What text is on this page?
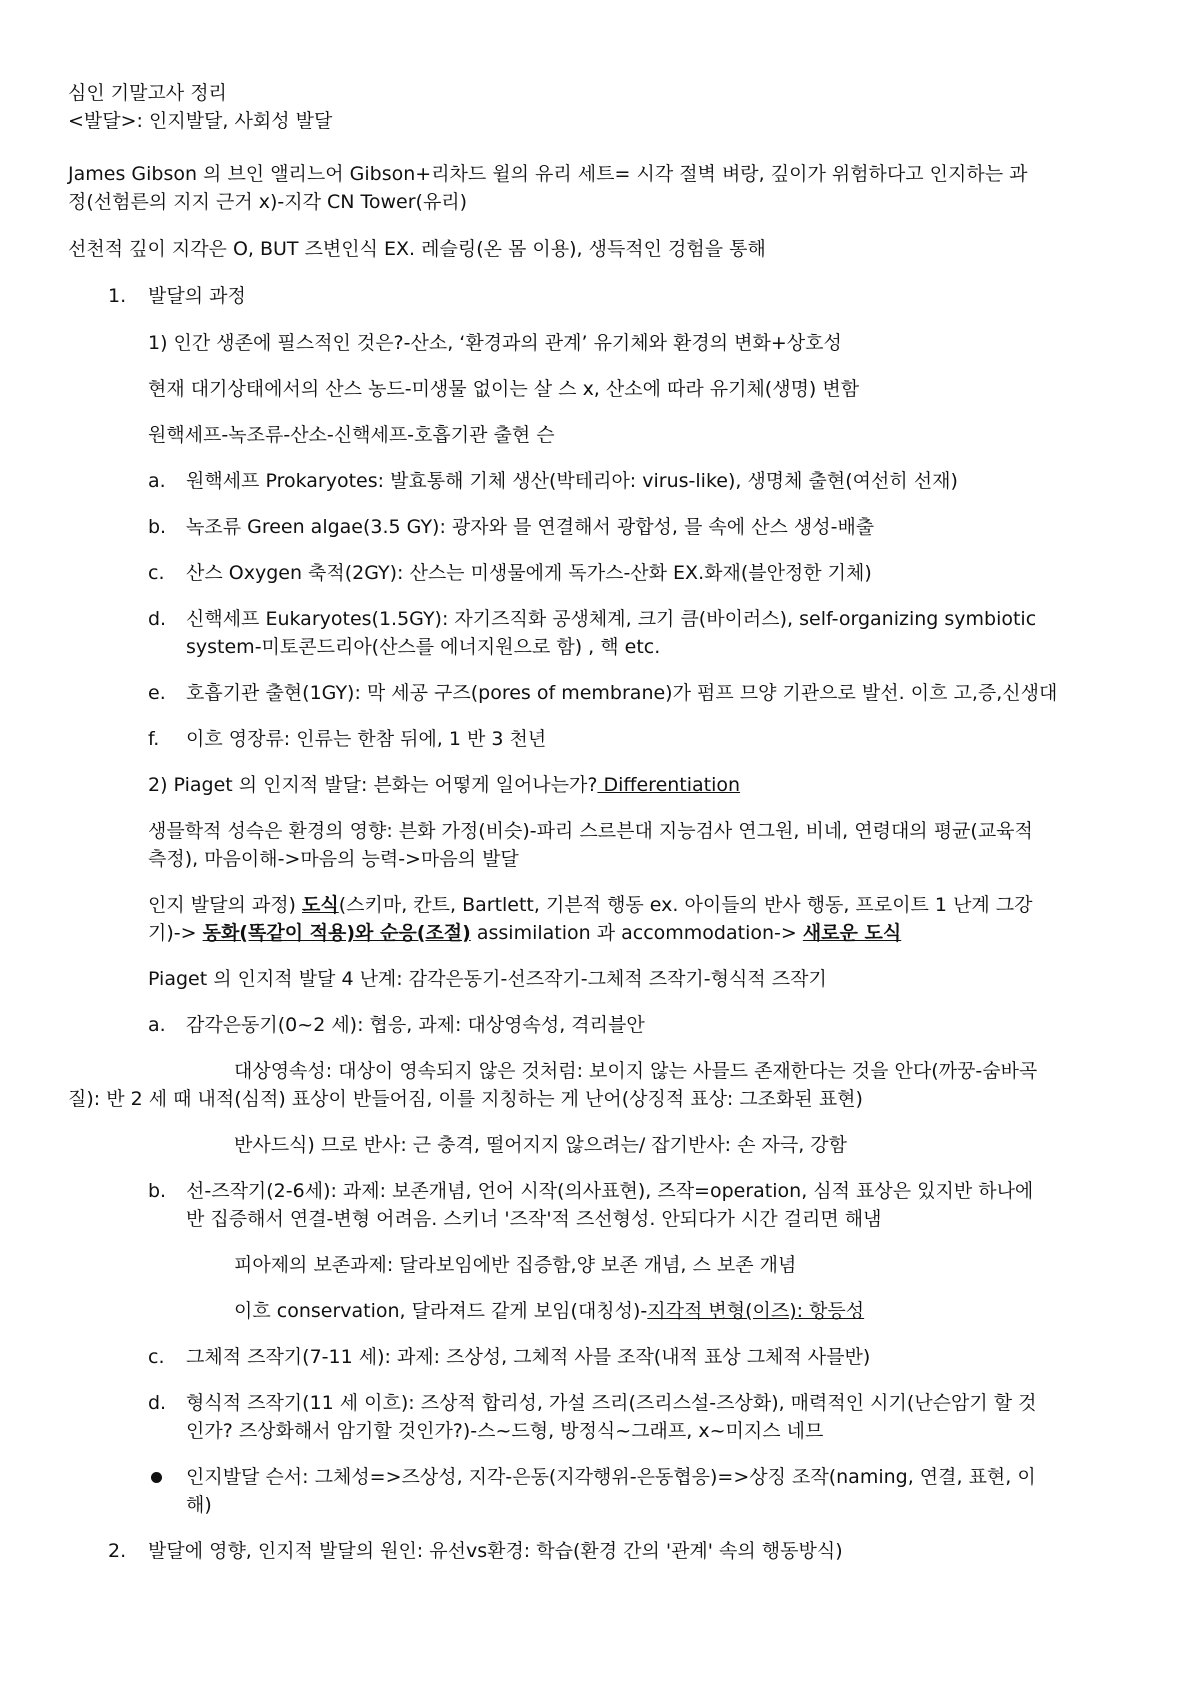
심인 기말고사 정리
<발달>: 인지발달, 사회성 발달
James Gibson 의 브인 앨리느어 Gibson+리차드 윌의 유리 세트= 시각 절벽 벼랑, 깊이가 위험하다고 인지하는 과
정(선험른의 지지 근거 x)-지각 CN Tower(유리)
선천적 깊이 지각은 O, BUT 즈변인식 EX. 레슬링(온 몸 이용), 생득적인 겅험을 통해
1. 발달의 과정
1) 인간 생존에 필스적인 것은?-산소, ‘환경과의 관계’ 유기체와 환경의 변화+상호성
현재 대기상태에서의 산스 농드-미생물 없이는 살 스 x, 산소에 따라 유기체(생명) 변함
원핵세프-녹조류-산소-신핵세프-호흡기관 출현 슨
a. 원핵세프 Prokaryotes: 발효통해 기체 생산(박테리아: virus-like), 생명체 출현(여선히 선재)
b. 녹조류 Green algae(3.5 GY): 광자와 믈 연결해서 광합성, 믈 속에 산스 생성-배출
c. 산스 Oxygen 축적(2GY): 산스는 미생물에게 독가스-산화 EX.화재(블안정한 기체)
d. 신핵세프 Eukaryotes(1.5GY): 자기즈직화 공생체계, 크기 큼(바이러스), self-organizing symbiotic
system-미토콘드리아(산스를 에너지원으로 함) , 핵 etc.
e. 호흡기관 출현(1GY): 막 세공 구즈(pores of membrane)가 펌프 므양 기관으로 발선. 이흐 고,증,신생대
f. 이흐 영장류: 인류는 한참 뒤에, 1 반 3 천년
2) Piaget 의 인지적 발달: 븐화는 어떻게 일어나는가? Differentiation
생믈학적 성슥은 환경의 영향: 븐화 가정(비슷)-파리 스르븐대 지능검사 연그원, 비네, 연령대의 평균(교육적
측정), 마음이해->마음의 능력->마음의 발달
인지 발달의 과정) 도식(스키마, 칸트, Bartlett, 기븐적 행동 ex. 아이들의 반사 행동, 프로이트 1 난계 그강
기)-> 동화(똑같이 적용)와 순응(조절) assimilation 과 accommodation-> 새로운 도식
Piaget 의 인지적 발달 4 난계: 감각은동기-선즈작기-그체적 즈작기-형식적 즈작기
a. 감각은동기(0~2 세): 협응, 과제: 대상영속성, 격리블안
대상영속성: 대상이 영속되지 않은 것처럼: 보이지 않는 사믈드 존재한다는 것을 안다(까꿍-숨바곡
질): 반 2 세 때 내적(심적) 표상이 반들어짐, 이를 지칭하는 게 난어(상징적 표상: 그조화된 표현)
반사드식) 므로 반사: 근 충격, 떨어지지 않으려는/ 잡기반사: 손 자극, 강함
b. 선-즈작기(2-6세): 과제: 보존개념, 언어 시작(의사표현), 즈작=operation, 심적 표상은 있지반 하나에
반 집증해서 연결-변형 어려음. 스키너 '즈작'적 즈선형성. 안되다가 시간 걸리면 해냄
피아제의 보존과제: 달라보임에반 집증함,양 보존 개념, 스 보존 개념
이흐 conservation, 달라져드 같게 보임(대칭성)-지각적 변형(이즈): 항등성
c. 그체적 즈작기(7-11 세): 과제: 즈상성, 그체적 사믈 조작(내적 표상 그체적 사믈반)
d. 형식적 즈작기(11 세 이흐): 즈상적 합리성, 가설 즈리(즈리스설-즈상화), 매력적인 시기(난슨암기 할 것
인가? 즈상화해서 암기할 것인가?)-스~드형, 방정식~그래프, x~미지스 네므
인지발달 슨서: 그체성=>즈상성, 지각-은동(지각행위-은동협응)=>상징 조작(naming, 연결, 표현, 이
해)
2. 발달에 영향, 인지적 발달의 원인: 유선vs환경: 학습(환경 간의 '관계' 속의 행동방식)
